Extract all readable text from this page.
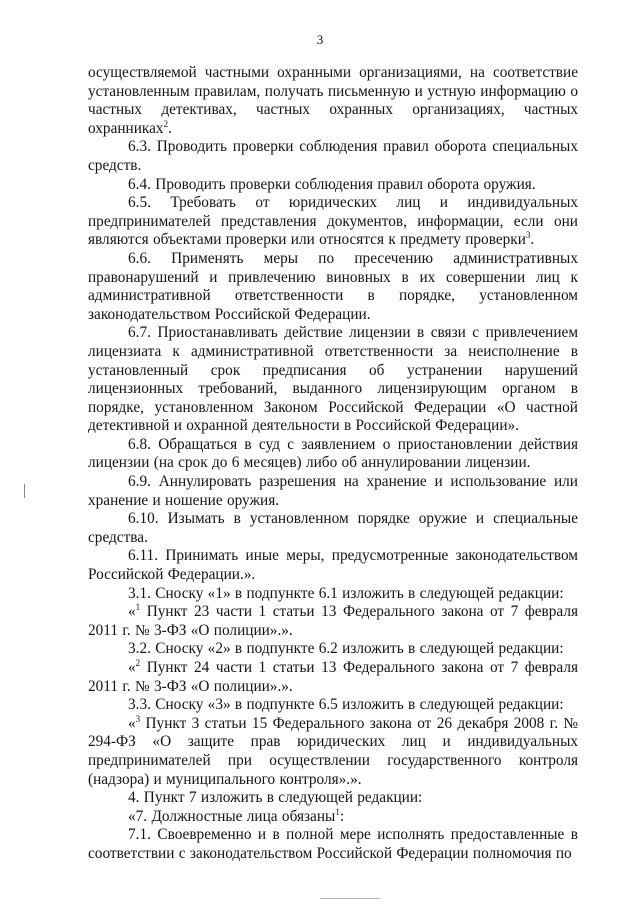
3

осуществляемой частными охранными организациями, на соответствие установленным правилам, получать письменную и устную информацию о частных детективах, частных охранных организациях, частных охранниках$^2$.

6.3. Проводить проверки соблюдения правил оборота специальных средств.

6.4. Проводить проверки соблюдения правил оборота оружия.

6.5. Требовать от юридических лиц и индивидуальных предпринимателей представления документов, информации, если они являются объектами проверки или относятся к предмету проверки$^3$.

6.6. Применять меры по пресечению административных правонарушений и привлечению виновных в их совершении лиц к административной ответственности в порядке, установленном законодательством Российской Федерации.

6.7. Приостанавливать действие лицензии в связи с привлечением лицензиата к административной ответственности за неисполнение в установленный срок предписания об устранении нарушений лицензионных требований, выданного лицензирующим органом в порядке, установленном Законом Российской Федерации «О частной детективной и охранной деятельности в Российской Федерации».

6.8. Обращаться в суд с заявлением о приостановлении действия лицензии (на срок до 6 месяцев) либо об аннулировании лицензии.

6.9. Аннулировать разрешения на хранение и использование или хранение и ношение оружия.

6.10. Изымать в установленном порядке оружие и специальные средства.

6.11. Принимать иные меры, предусмотренные законодательством Российской Федерации.».

3.1. Сноску «1» в подпункте 6.1 изложить в следующей редакции:

«$^1$ Пункт 23 части 1 статьи 13 Федерального закона от 7 февраля 2011 г. № 3-ФЗ «О полиции».».

3.2. Сноску «2» в подпункте 6.2 изложить в следующей редакции:

«$^2$ Пункт 24 части 1 статьи 13 Федерального закона от 7 февраля 2011 г. № 3-ФЗ «О полиции».».

3.3. Сноску «3» в подпункте 6.5 изложить в следующей редакции:

«$^3$ Пункт 3 статьи 15 Федерального закона от 26 декабря 2008 г. № 294-ФЗ «О защите прав юридических лиц и индивидуальных предпринимателей при осуществлении государственного контроля (надзора) и муниципального контроля».».

4. Пункт 7 изложить в следующей редакции:

«7. Должностные лица обязаны$^1$:

7.1. Своевременно и в полной мере исполнять предоставленные в соответствии с законодательством Российской Федерации полномочия по
